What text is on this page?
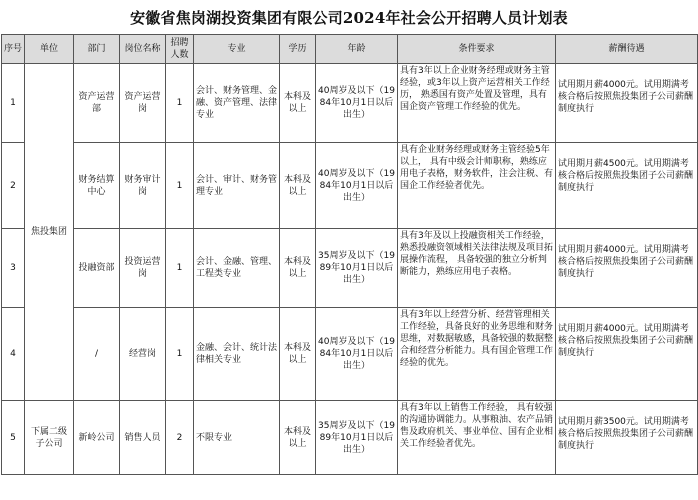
安徽省焦岗湖投资集团有限公司2024年社会公开招聘人员计划表
序号	单位	部门	岗位名称	招聘人数	专业	学历	年龄	条件要求	薪酬待遇
1	焦投集团	资产运营部	资产运营岗	1	会计、财务管理、金融、资产管理、法律专业	本科及以上	40周岁及以下（1984年10月1日以后出生）	具有3年以上企业财务经理或财务主管经验，或3年以上资产运营相关工作经历， 熟悉国有资产处置及管理，具有国企资产管理工作经验的优先。	试用期月薪4000元。试用期满考核合格后按照焦投集团子公司薪酬制度执行

2		财务结算中心	财务审计岗	1	会计、审计、财务管理专业	本科及以上	40周岁及以下（1984年10月1日以后出生）	具有企业财务经理或财务主管经验5年以上， 具有中级会计师职称，熟练应用电子表格，财务软件，注会注税、有国企工作经验者优先。	试用期月薪4500元。试用期满考核合格后按照焦投集团子公司薪酬制度执行

3		投融资部	投资运营岗	1	会计、金融、管理、工程类专业	本科及以上	35周岁及以下（1989年10月1日以后出生）	具有3年及以上投融资相关工作经验，熟悉投融资领域相关法律法规及项目拓展操作流程， 具备较强的独立分析判断能力，熟练应用电子表格。	试用期月薪4000元。试用期满考核合格后按照焦投集团子公司薪酬制度执行

4		/	经营岗	1	金融、会计、统计法律相关专业	本科及以上	40周岁及以下（1984年10月1日以后出生）	具有3年以上经营分析、经营管理相关工作经验，具备良好的业务思维和财务思维，对数据敏感，具备较强的数据整合和经营分析能力。具有国企管理工作经验的优先。	试用期月薪4000元。试用期满考核合格后按照焦投集团子公司薪酬制度执行

5	下属二级子公司	新岭公司	销售人员	2	不限专业	本科及以上	35周岁及以下（1989年10月1日以后出生）	具有3年以上销售工作经验， 具有较强的沟通协调能力。从事粮油、农产品销售及政府机关、事业单位、国有企业相关工作经验者优先。	试用期月薪3500元。试用期满考核合格后按照焦投集团子公司薪酬制度执行
